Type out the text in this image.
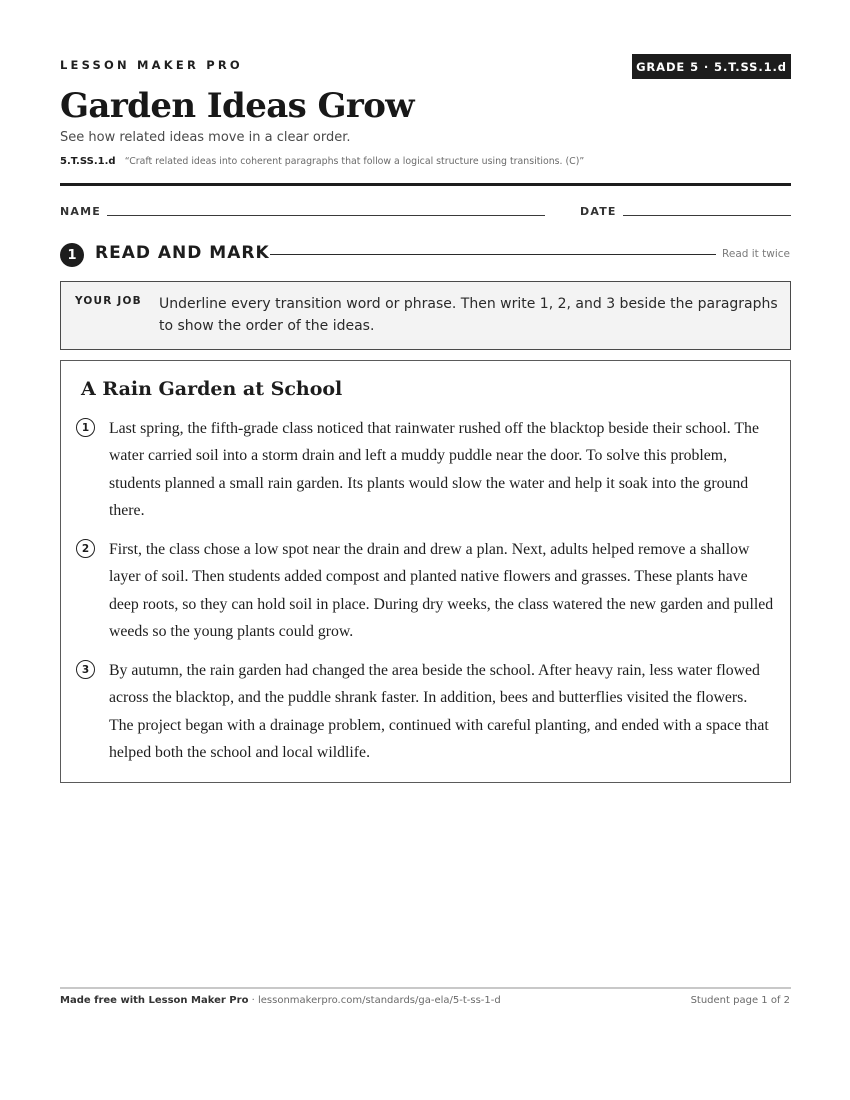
LESSON MAKER PRO	GRADE 5 · 5.T.SS.1.d
Garden Ideas Grow
See how related ideas move in a clear order.
5.T.SS.1.d “Craft related ideas into coherent paragraphs that follow a logical structure using transitions. (C)”
NAME	DATE
1	READ AND MARK	Read it twice
YOUR JOB Underline every transition word or phrase. Then write 1, 2, and 3 beside the paragraphs to show the order of the ideas.
A Rain Garden at School
1	Last spring, the fifth-grade class noticed that rainwater rushed off the blacktop beside their school. The water carried soil into a storm drain and left a muddy puddle near the door. To solve this problem, students planned a small rain garden. Its plants would slow the water and help it soak into the ground there.
2	First, the class chose a low spot near the drain and drew a plan. Next, adults helped remove a shallow layer of soil. Then students added compost and planted native flowers and grasses. These plants have deep roots, so they can hold soil in place. During dry weeks, the class watered the new garden and pulled weeds so the young plants could grow.
3	By autumn, the rain garden had changed the area beside the school. After heavy rain, less water flowed across the blacktop, and the puddle shrank faster. In addition, bees and butterflies visited the flowers. The project began with a drainage problem, continued with careful planting, and ended with a space that helped both the school and local wildlife.
Made free with Lesson Maker Pro · lessonmakerpro.com/standards/ga-ela/5-t-ss-1-d	Student page 1 of 2
